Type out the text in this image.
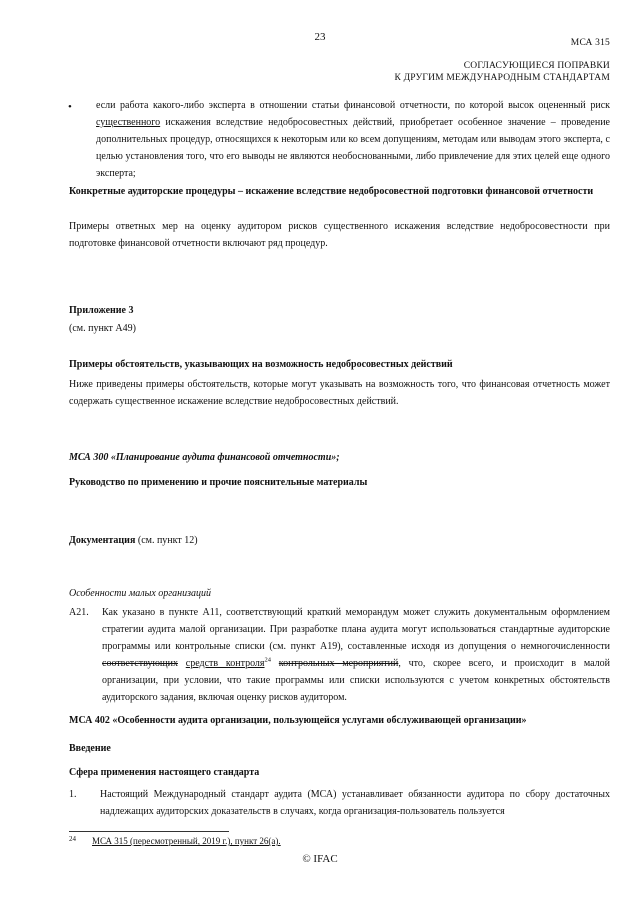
23	МСА 315
СОГЛАСУЮЩИЕСЯ ПОПРАВКИ
К ДРУГИМ МЕЖДУНАРОДНЫМ СТАНДАРТАМ
• если работа какого-либо эксперта в отношении статьи финансовой отчетности, по которой высок оцененный риск существенного искажения вследствие недобросовестных действий, приобретает особенное значение – проведение дополнительных процедур, относящихся к некоторым или ко всем допущениям, методам или выводам этого эксперта, с целью установления того, что его выводы не являются необоснованными, либо привлечение для этих целей еще одного эксперта;
Конкретные аудиторские процедуры – искажение вследствие недобросовестной подготовки финансовой отчетности
Примеры ответных мер на оценку аудитором рисков существенного искажения вследствие недобросовестности при подготовке финансовой отчетности включают ряд процедур.
Приложение 3
(см. пункт A49)
Примеры обстоятельств, указывающих на возможность недобросовестных действий
Ниже приведены примеры обстоятельств, которые могут указывать на возможность того, что финансовая отчетность может содержать существенное искажение вследствие недобросовестных действий.
МСА 300 «Планирование аудита финансовой отчетности»;
Руководство по применению и прочие пояснительные материалы
Документация (см. пункт 12)
Особенности малых организаций
A21. Как указано в пункте A11, соответствующий краткий меморандум может служить документальным оформлением стратегии аудита малой организации. При разработке плана аудита могут использоваться стандартные аудиторские программы или контрольные списки (см. пункт A19), составленные исходя из допущения о немногочисленности соответствующих средств контроля$^{24}$ контрольных мероприятий, что, скорее всего, и происходит в малой организации, при условии, что такие программы или списки используются с учетом конкретных обстоятельств аудиторского задания, включая оценку рисков аудитором.
МСА 402 «Особенности аудита организации, пользующейся услугами обслуживающей организации»
Введение
Сфера применения настоящего стандарта
1. Настоящий Международный стандарт аудита (МСА) устанавливает обязанности аудитора по сбору достаточных надлежащих аудиторских доказательств в случаях, когда организация-пользователь пользуется
24 МСА 315 (пересмотренный, 2019 г.), пункт 26(a).
© IFAC
